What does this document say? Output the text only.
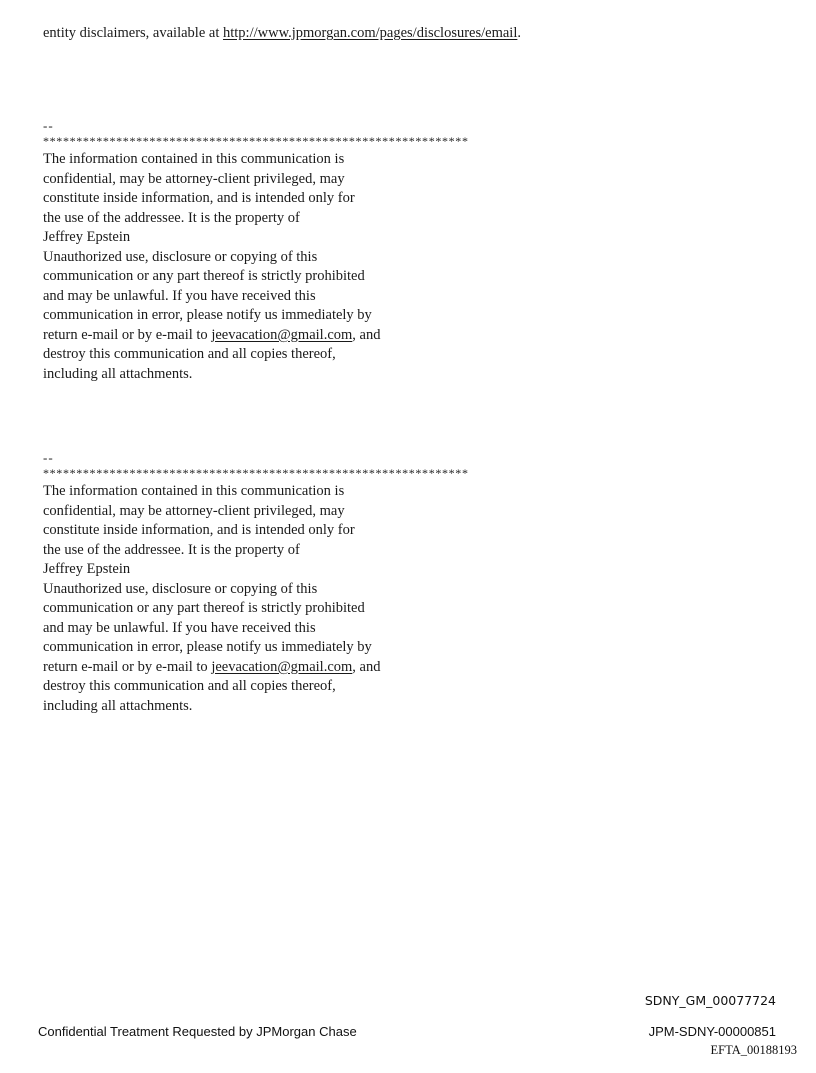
entity disclaimers, available at http://www.jpmorgan.com/pages/disclosures/email.
--
****************************************************************
The information contained in this communication is
confidential, may be attorney-client privileged, may
constitute inside information, and is intended only for
the use of the addressee. It is the property of
Jeffrey Epstein
Unauthorized use, disclosure or copying of this
communication or any part thereof is strictly prohibited
and may be unlawful. If you have received this
communication in error, please notify us immediately by
return e-mail or by e-mail to jeevacation@gmail.com, and
destroy this communication and all copies thereof,
including all attachments.
--
****************************************************************
The information contained in this communication is
confidential, may be attorney-client privileged, may
constitute inside information, and is intended only for
the use of the addressee. It is the property of
Jeffrey Epstein
Unauthorized use, disclosure or copying of this
communication or any part thereof is strictly prohibited
and may be unlawful. If you have received this
communication in error, please notify us immediately by
return e-mail or by e-mail to jeevacation@gmail.com, and
destroy this communication and all copies thereof,
including all attachments.
SDNY_GM_00077724
Confidential Treatment Requested by JPMorgan Chase	JPM-SDNY-00000851
EFTA_00188193
